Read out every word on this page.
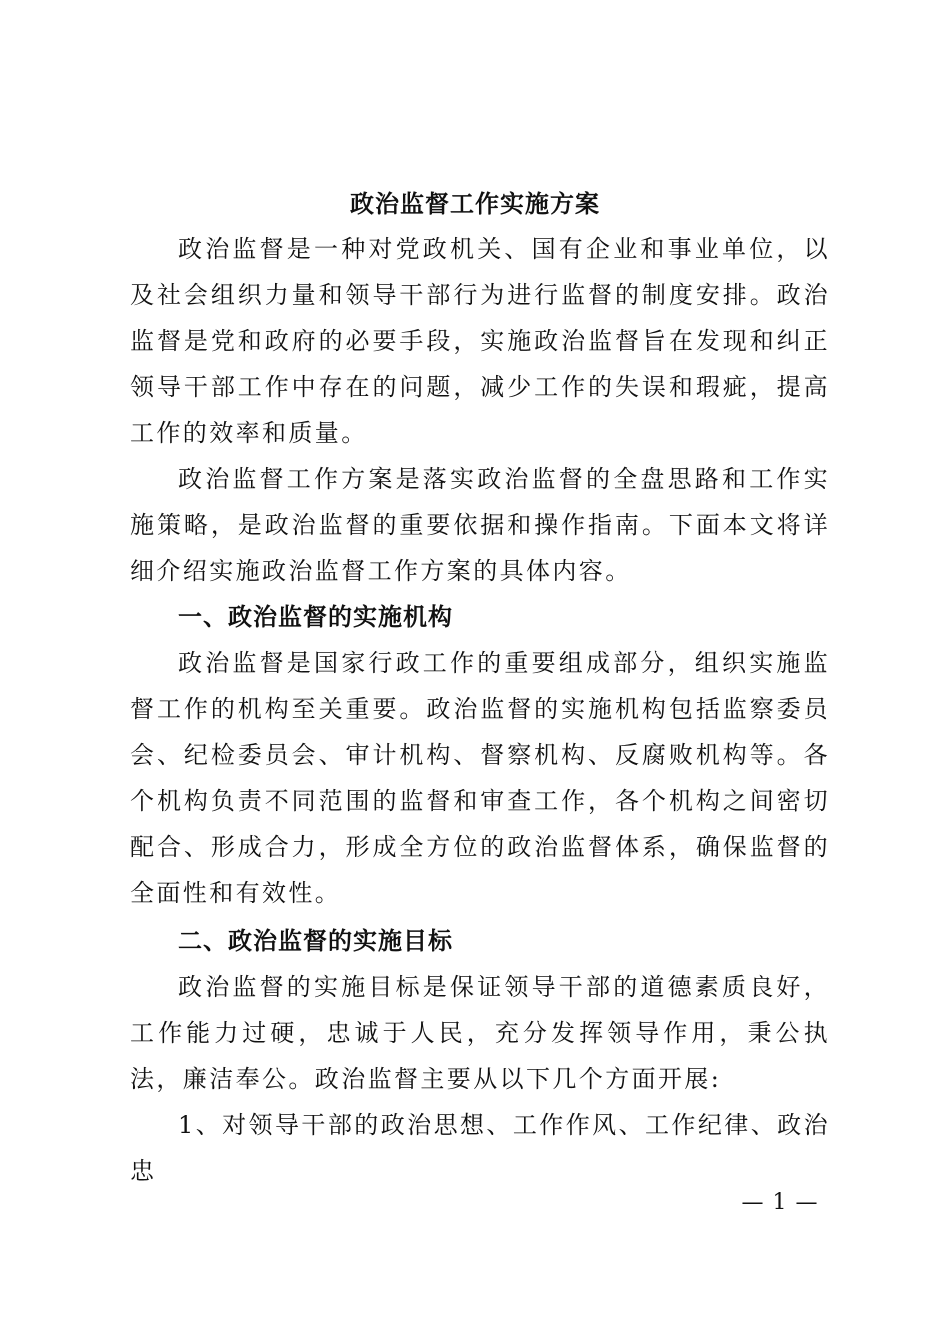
政治监督工作实施方案

政治监督是一种对党政机关、国有企业和事业单位，以及社会组织力量和领导干部行为进行监督的制度安排。政治监督是党和政府的必要手段，实施政治监督旨在发现和纠正领导干部工作中存在的问题，减少工作的失误和瑕疵，提高工作的效率和质量。

政治监督工作方案是落实政治监督的全盘思路和工作实施策略，是政治监督的重要依据和操作指南。下面本文将详细介绍实施政治监督工作方案的具体内容。

一、政治监督的实施机构

政治监督是国家行政工作的重要组成部分，组织实施监督工作的机构至关重要。政治监督的实施机构包括监察委员会、纪检委员会、审计机构、督察机构、反腐败机构等。各个机构负责不同范围的监督和审查工作，各个机构之间密切配合、形成合力，形成全方位的政治监督体系，确保监督的全面性和有效性。

二、政治监督的实施目标

政治监督的实施目标是保证领导干部的道德素质良好，工作能力过硬，忠诚于人民，充分发挥领导作用，秉公执法，廉洁奉公。政治监督主要从以下几个方面开展:

1、对领导干部的政治思想、工作作风、工作纪律、政治忠

— 1 —
